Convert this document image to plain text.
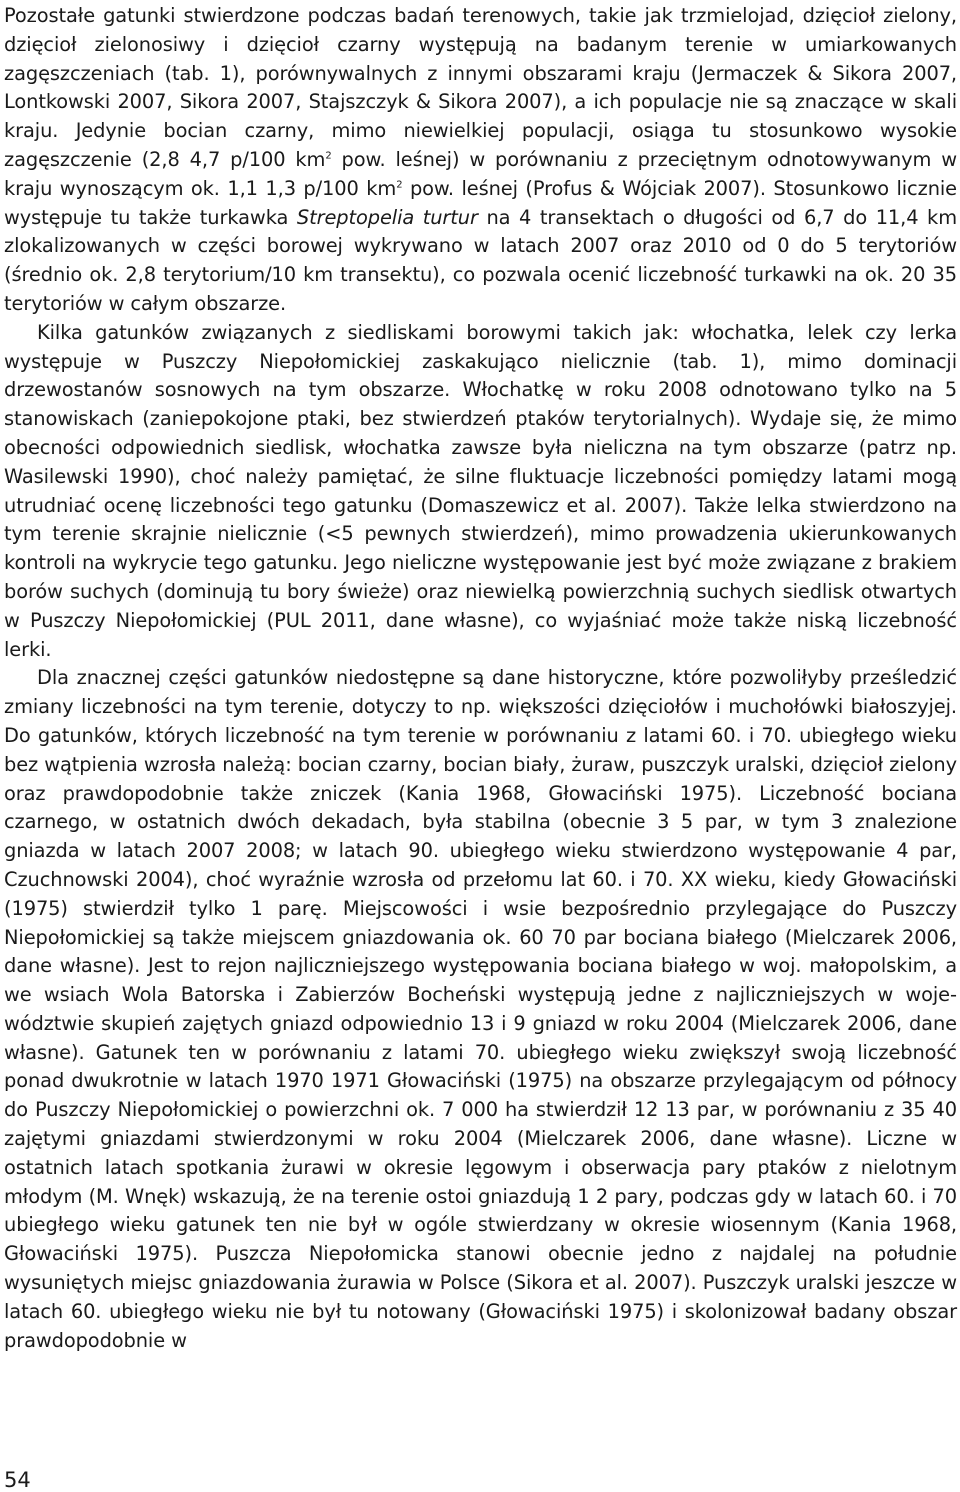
Pozostałe gatunki stwierdzone podczas badań terenowych, takie jak trzmielojad, dzięcioł zielony, dzięcioł zielonosiwy i dzięcioł czarny występują na badanym terenie w umiarkowanych zagęszczeniach (tab. 1), porównywalnych z innymi obszarami kraju (Jermaczek & Sikora 2007, Lontkowski 2007, Sikora 2007, Stajszczyk & Sikora 2007), a ich populacje nie są znaczące w skali kraju. Jedynie bocian czarny, mimo niewielkiej populacji, osiąga tu stosunkowo wysokie zagęszczenie (2,8 4,7 p/100 $km^2$ pow. leśnej) w porównaniu z przeciętnym odnotowywanym w kraju wynoszącym ok. 1,1 1,3 p/100 $km^2$ pow. leśnej (Profus & Wójciak 2007). Stosunkowo licznie występuje tu także turkawka Streptopelia turtur na 4 transektach o długości od 6,7 do 11,4 km zlokalizowanych w części borowej wykrywano w latach 2007 oraz 2010 od 0 do 5 terytoriów (średnio ok. 2,8 terytorium/10 km transektu), co pozwala ocenić liczebność turkawki na ok. 20 35 terytoriów w całym obszarze.

Kilka gatunków związanych z siedliskami borowymi takich jak: włochatka, lelek czy lerka występuje w Puszczy Niepołomickiej zaskakująco nielicznie (tab. 1), mimo dominacji drzewostanów sosnowych na tym obszarze. Włochatkę w roku 2008 odnotowano tylko na 5 stanowiskach (zaniepokojone ptaki, bez stwierdzeń ptaków terytorialnych). Wydaje się, że mimo obecności odpowiednich siedlisk, włochatka zawsze była nieliczna na tym obszarze (patrz np. Wasilewski 1990), choć należy pamiętać, że silne fluktuacje liczebności pomiędzy latami mogą utrudniać ocenę liczebności tego gatunku (Domaszewicz et al. 2007). Także lelka stwierdzono na tym terenie skrajnie nielicznie (<5 pewnych stwierdzeń), mimo prowadzenia ukierunkowanych kontroli na wykrycie tego gatunku. Jego nieliczne występowanie jest być może związane z brakiem borów suchych (dominują tu bory świeże) oraz niewielką powierzchnią suchych siedlisk otwartych w Puszczy Niepołomickiej (PUL 2011, dane własne), co wyjaśniać może także niską liczebność lerki.

Dla znacznej części gatunków niedostępne są dane historyczne, które pozwoliłyby prześledzić zmiany liczebności na tym terenie, dotyczy to np. większości dzięciołów i muchołówki białoszyjej. Do gatunków, których liczebność na tym terenie w porównaniu z latami 60. i 70. ubiegłego wieku bez wątpienia wzrosła należą: bocian czarny, bocian biały, żuraw, puszczyk uralski, dzięcioł zielony oraz prawdopodobnie także zniczek (Kania 1968, Głowaciński 1975). Liczebność bociana czarnego, w ostatnich dwóch dekadach, była stabilna (obecnie 3 5 par, w tym 3 znalezione gniazda w latach 2007 2008; w latach 90. ubiegłego wieku stwierdzono występowanie 4 par, Czuchnowski 2004), choć wyraźnie wzrosła od przełomu lat 60. i 70. XX wieku, kiedy Głowaciński (1975) stwierdził tylko 1 parę. Miejscowości i wsie bezpośrednio przylegające do Puszczy Niepołomickiej są także miejscem gniazdowania ok. 60 70 par bociana białego (Mielczarek 2006, dane własne). Jest to rejon najliczniejszego występowania bociana białego w woj. małopolskim, a we wsiach Wola Batorska i Zabierzów Bocheński występują jedne z najliczniejszych w województwie skupień zajętych gniazd odpowiednio 13 i 9 gniazd w roku 2004 (Mielczarek 2006, dane własne). Gatunek ten w porównaniu z latami 70. ubiegłego wieku zwiększył swoją liczebność ponad dwukrotnie w latach 1970 1971 Głowaciński (1975) na obszarze przylegającym od północy do Puszczy Niepołomickiej o powierzchni ok. 7 000 ha stwierdził 12 13 par, w porównaniu z 35 40 zajętymi gniazdami stwierdzonymi w roku 2004 (Mielczarek 2006, dane własne). Liczne w ostatnich latach spotkania żurawi w okresie lęgowym i obserwacja pary ptaków z nielotnym młodym (M. Wnęk) wskazują, że na terenie ostoi gniazdują 1 2 pary, podczas gdy w latach 60. i 70 ubiegłego wieku gatunek ten nie był w ogóle stwierdzany w okresie wiosennym (Kania 1968, Głowaciński 1975). Puszcza Niepołomicka stanowi obecnie jedno z najdalej na południe wysuniętych miejsc gniazdowania żurawia w Polsce (Sikora et al. 2007). Puszczyk uralski jeszcze w latach 60. ubiegłego wieku nie był tu notowany (Głowaciński 1975) i skolonizował badany obszar prawdopodobnie w

54
